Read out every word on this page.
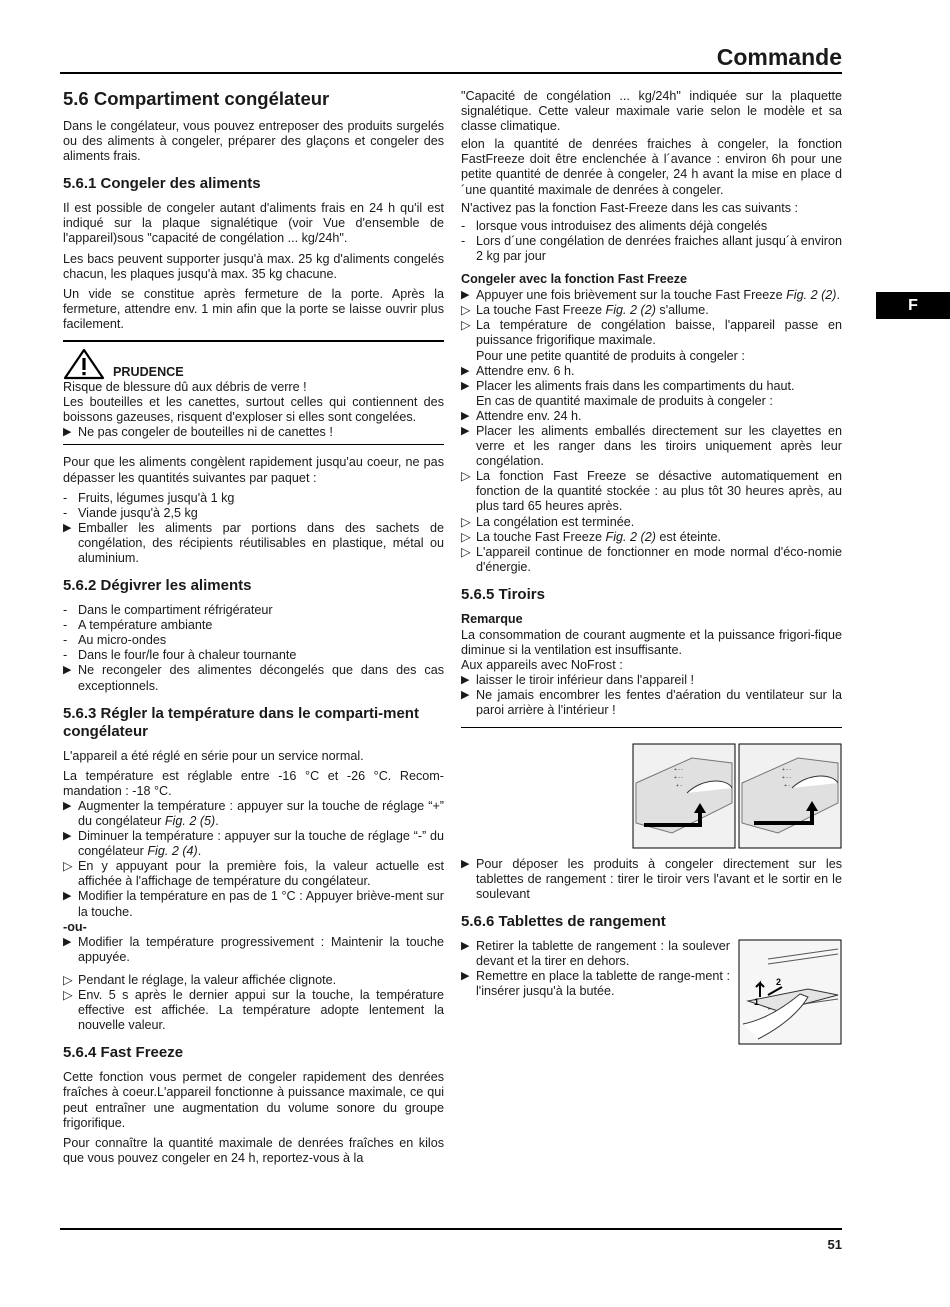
Commande
F
5.6 Compartiment congélateur

Dans le congélateur, vous pouvez entreposer des produits surgelés ou des aliments à congeler, préparer des glaçons et congeler des aliments frais.

5.6.1 Congeler des aliments

Il est possible de congeler autant d'aliments frais en 24 h qu'il est indiqué sur la plaque signalétique (voir Vue d'ensemble de l'appareil)sous "capacité de congélation ... kg/24h".

Les bacs peuvent supporter jusqu'à max. 25 kg d'aliments congelés chacun, les plaques jusqu'à max. 35 kg chacune.

Un vide se constitue après fermeture de la porte. Après la fermeture, attendre env. 1 min afin que la porte se laisse ouvrir plus facilement.

PRUDENCE

Risque de blessure dû aux débris de verre !

Les bouteilles et les canettes, surtout celles qui contiennent des boissons gazeuses, risquent d'exploser si elles sont congelées.

▶ Ne pas congeler de bouteilles ni de canettes !

Pour que les aliments congèlent rapidement jusqu'au coeur, ne pas dépasser les quantités suivantes par paquet :

- Fruits, légumes jusqu'à 1 kg
- Viande jusqu'à 2,5 kg
▶ Emballer les aliments par portions dans des sachets de congélation, des récipients réutilisables en plastique, métal ou aluminium.
5.6.2 Dégivrer les aliments
- Dans le compartiment réfrigérateur
- A température ambiante
- Au micro-ondes
- Dans le four/le four à chaleur tournante
▶ Ne recongeler des alimentes décongelés que dans des cas exceptionnels.
5.6.3 Régler la température dans le comparti-ment congélateur

L'appareil a été réglé en série pour un service normal.

La température est réglable entre -16 °C et -26 °C. Recom-mandation : -18 °C.

▶ Augmenter la température : appuyer sur la touche de réglage “+” du congélateur Fig. 2 (5).
▶ Diminuer la température : appuyer sur la touche de réglage “-” du congélateur Fig. 2 (4).
▷ En y appuyant pour la première fois, la valeur actuelle est affichée à l'affichage de température du congélateur.
▶ Modifier la température en pas de 1 °C : Appuyer briève-ment sur la touche.
-ou-
▶ Modifier la température progressivement : Maintenir la touche appuyée.
▷ Pendant le réglage, la valeur affichée clignote.
▷ Env. 5 s après le dernier appui sur la touche, la température effective est affichée. La température adopte lentement la nouvelle valeur.
5.6.4 Fast Freeze

Cette fonction vous permet de congeler rapidement des denrées fraîches à coeur.L'appareil fonctionne à puissance maximale, ce qui peut entraîner une augmentation du volume sonore du groupe frigorifique.

Pour connaître la quantité maximale de denrées fraîches en kilos que vous pouvez congeler en 24 h, reportez-vous à la

"Capacité de congélation ... kg/24h" indiquée sur la plaquette signalétique. Cette valeur maximale varie selon le modèle et sa classe climatique.

elon la quantité de denrées fraiches à congeler, la fonction FastFreeze doit être enclenchée à l´avance : environ 6h pour une petite quantité de denrée à congeler, 24 h avant la mise en place d´une quantité maximale de denrées à congeler.

N'activez pas la fonction Fast-Freeze dans les cas suivants :

- lorsque vous introduisez des aliments déjà congelés
- Lors d´une congélation de denrées fraiches allant jusqu´à environ 2 kg par jour
Congeler avec la fonction Fast Freeze
▶ Appuyer une fois brièvement sur la touche Fast Freeze Fig. 2 (2).
▷ La touche Fast Freeze Fig. 2 (2) s'allume.
▷ La température de congélation baisse, l'appareil passe en puissance frigorifique maximale.

Pour une petite quantité de produits à congeler :

▶ Attendre env. 6 h.
▶ Placer les aliments frais dans les compartiments du haut.

En cas de quantité maximale de produits à congeler :

▶ Attendre env. 24 h.
▶ Placer les aliments emballés directement sur les clayettes en verre et les ranger dans les tiroirs uniquement après leur congélation.
▷ La fonction Fast Freeze se désactive automatiquement en fonction de la quantité stockée : au plus tôt 30 heures après, au plus tard 65 heures après.
▷ La congélation est terminée.
▷ La touche Fast Freeze Fig. 2 (2) est éteinte.
▷ L'appareil continue de fonctionner en mode normal d'éco-nomie d'énergie.
5.6.5 Tiroirs
Remarque

La consommation de courant augmente et la puissance frigori-fique diminue si la ventilation est insuffisante.

Aux appareils avec NoFrost :

▶ laisser le tiroir inférieur dans l'appareil !
▶ Ne jamais encombrer les fentes d'aération du ventilateur sur la paroi arrière à l'intérieur !
+ - -
+ - -
+ -
+ - -
+ - -
+ -
▶ Pour déposer les produits à congeler directement sur les tablettes de rangement : tirer le tiroir vers l'avant et le sortir en le soulevant
5.6.6 Tablettes de rangement
▶ Retirer la tablette de rangement : la soulever devant et la tirer en dehors.
▶ Remettre en place la tablette de range-ment : l'insérer jusqu'à la butée.
1
2
51
